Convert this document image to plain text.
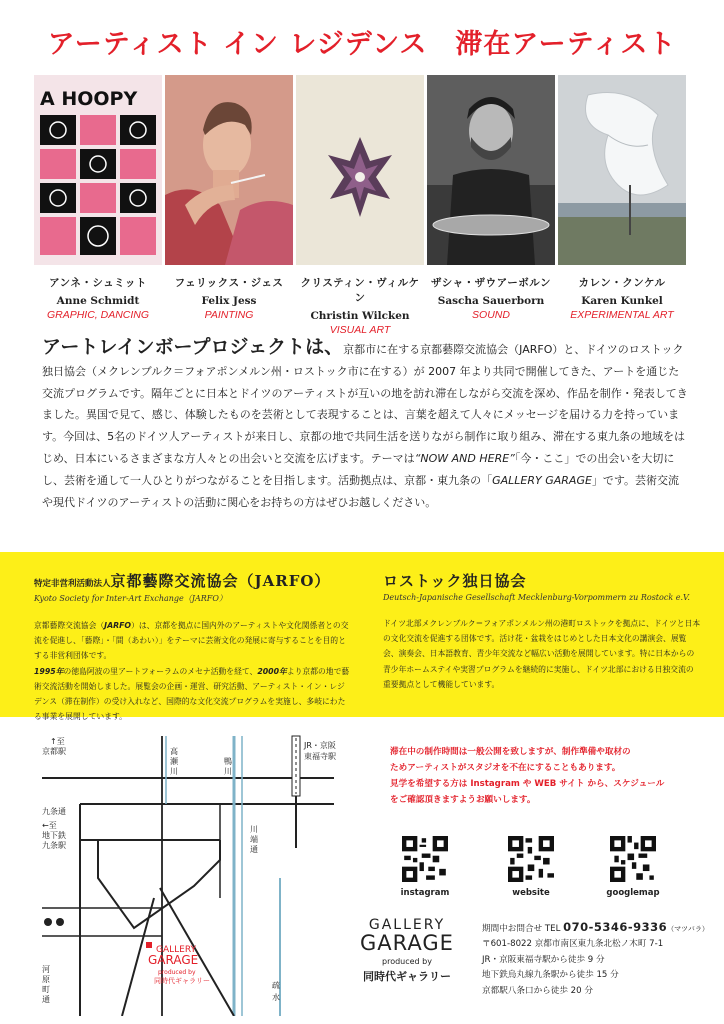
アーティスト イン レジデンス　滞在アーティスト
A HOOPY
アンネ・シュミット
Anne Schmidt
GRAPHIC, DANCING
フェリックス・ジェス
Felix Jess
PAINTING
クリスティン・ヴィルケン
Christin Wilcken
VISUAL ART
ザシャ・ザウアーボルン
Sascha Sauerborn
SOUND
カレン・クンケル
Karen Kunkel
EXPERIMENTAL ART
アートレインボープロジェクトは、京都市に在する京都藝際交流協会（JARFO）と、ドイツのロストック 独日協会（メクレンブルク＝フォアポンメルン州・ロストック市に在する）が 2007 年より共同で開催してきた、アートを通じた 交流プログラムです。隔年ごとに日本とドイツのアーティストが互いの地を訪れ滞在しながら交流を深め、作品を制作・発表してきました。異国で見て、感じ、体験したものを芸術として表現することは、言葉を超えて人々にメッセージを届ける力を持っています。今回は、5名のドイツ人アーティストが来日し、京都の地で共同生活を送りながら制作に取り組み、滞在する東九条の地域をはじめ、日本にいるさまざまな方人々との出会いと交流を広げます。テーマは“NOW AND HERE”「今・ここ」での出会いを大切にし、芸術を通して一人ひとりがつながることを目指します。活動拠点は、京都・東九条の「GALLERY GARAGE」です。芸術交流や現代ドイツのアーティストの活動に関心をお持ちの方はぜひお越しください。
特定非営利活動法人 京都藝際交流協会（JARFO）
Kyoto Society for Inter-Art Exchange（JARFO）
京都藝際交流協会（JARFO）は、京都を拠点に国内外のアーティストや文化関係者との交流を促進し、「藝際」・「間（あわい）」をテーマに芸術文化の発展に寄与することを目的とする非営利団体です。
1995年の徳島阿波の里アートフォーラムのメセナ活動を経て、2000年より京都の地で藝術交流活動を開始しました。展覧会の企画・運営、研究活動、アーティスト・イン・レジデンス（滞在制作）の受け入れなど、国際的な文化交流プログラムを実施し、多岐にわたる事業を展開しています。
ロストック独日協会
Deutsch-Japanische Gesellschaft Mecklenburg-Vorpommern zu Rostock e.V.
ドイツ北部メクレンブルク＝フォアポンメルン州の港町ロストックを拠点に、ドイツと日本の文化交流を促進する団体です。活け花・盆栽をはじめとした日本文化の講演会、展覧会、演奏会、日本語教育、青少年交流など幅広い活動を展開しています。特に日本からの青少年ホームステイや実習プログラムを継続的に実施し、ドイツ北部における日独交流の重要拠点として機能しています。
GALLERY
GARAGE
produced by
同時代ギャラリー
↑至
京都駅	高
瀬
川
鴨
川
JR・京阪
東福寺駅
九条通
←至
地下鉄
九条駅
川
端
通
河
原
町
通
疏
水
滞在中の制作時間は一般公開を致しますが、制作準備や取材の
ためアーティストがスタジオを不在にすることもあります。
見学を希望する方は Instagram や WEB サイト から、スケジュール
をご確認頂きますようお願いします。
instagram	website	googlemap
GALLERY
GARAGE
produced by
同時代ギャラリー
期間中お問合せ TEL 070-5346-9336（マツバラ）
〒601-8022 京都市南区東九条北松ノ木町 7-1
JR・京阪東福寺駅から徒歩 9 分
地下鉄烏丸線九条駅から徒歩 15 分
京都駅八条口から徒歩 20 分
